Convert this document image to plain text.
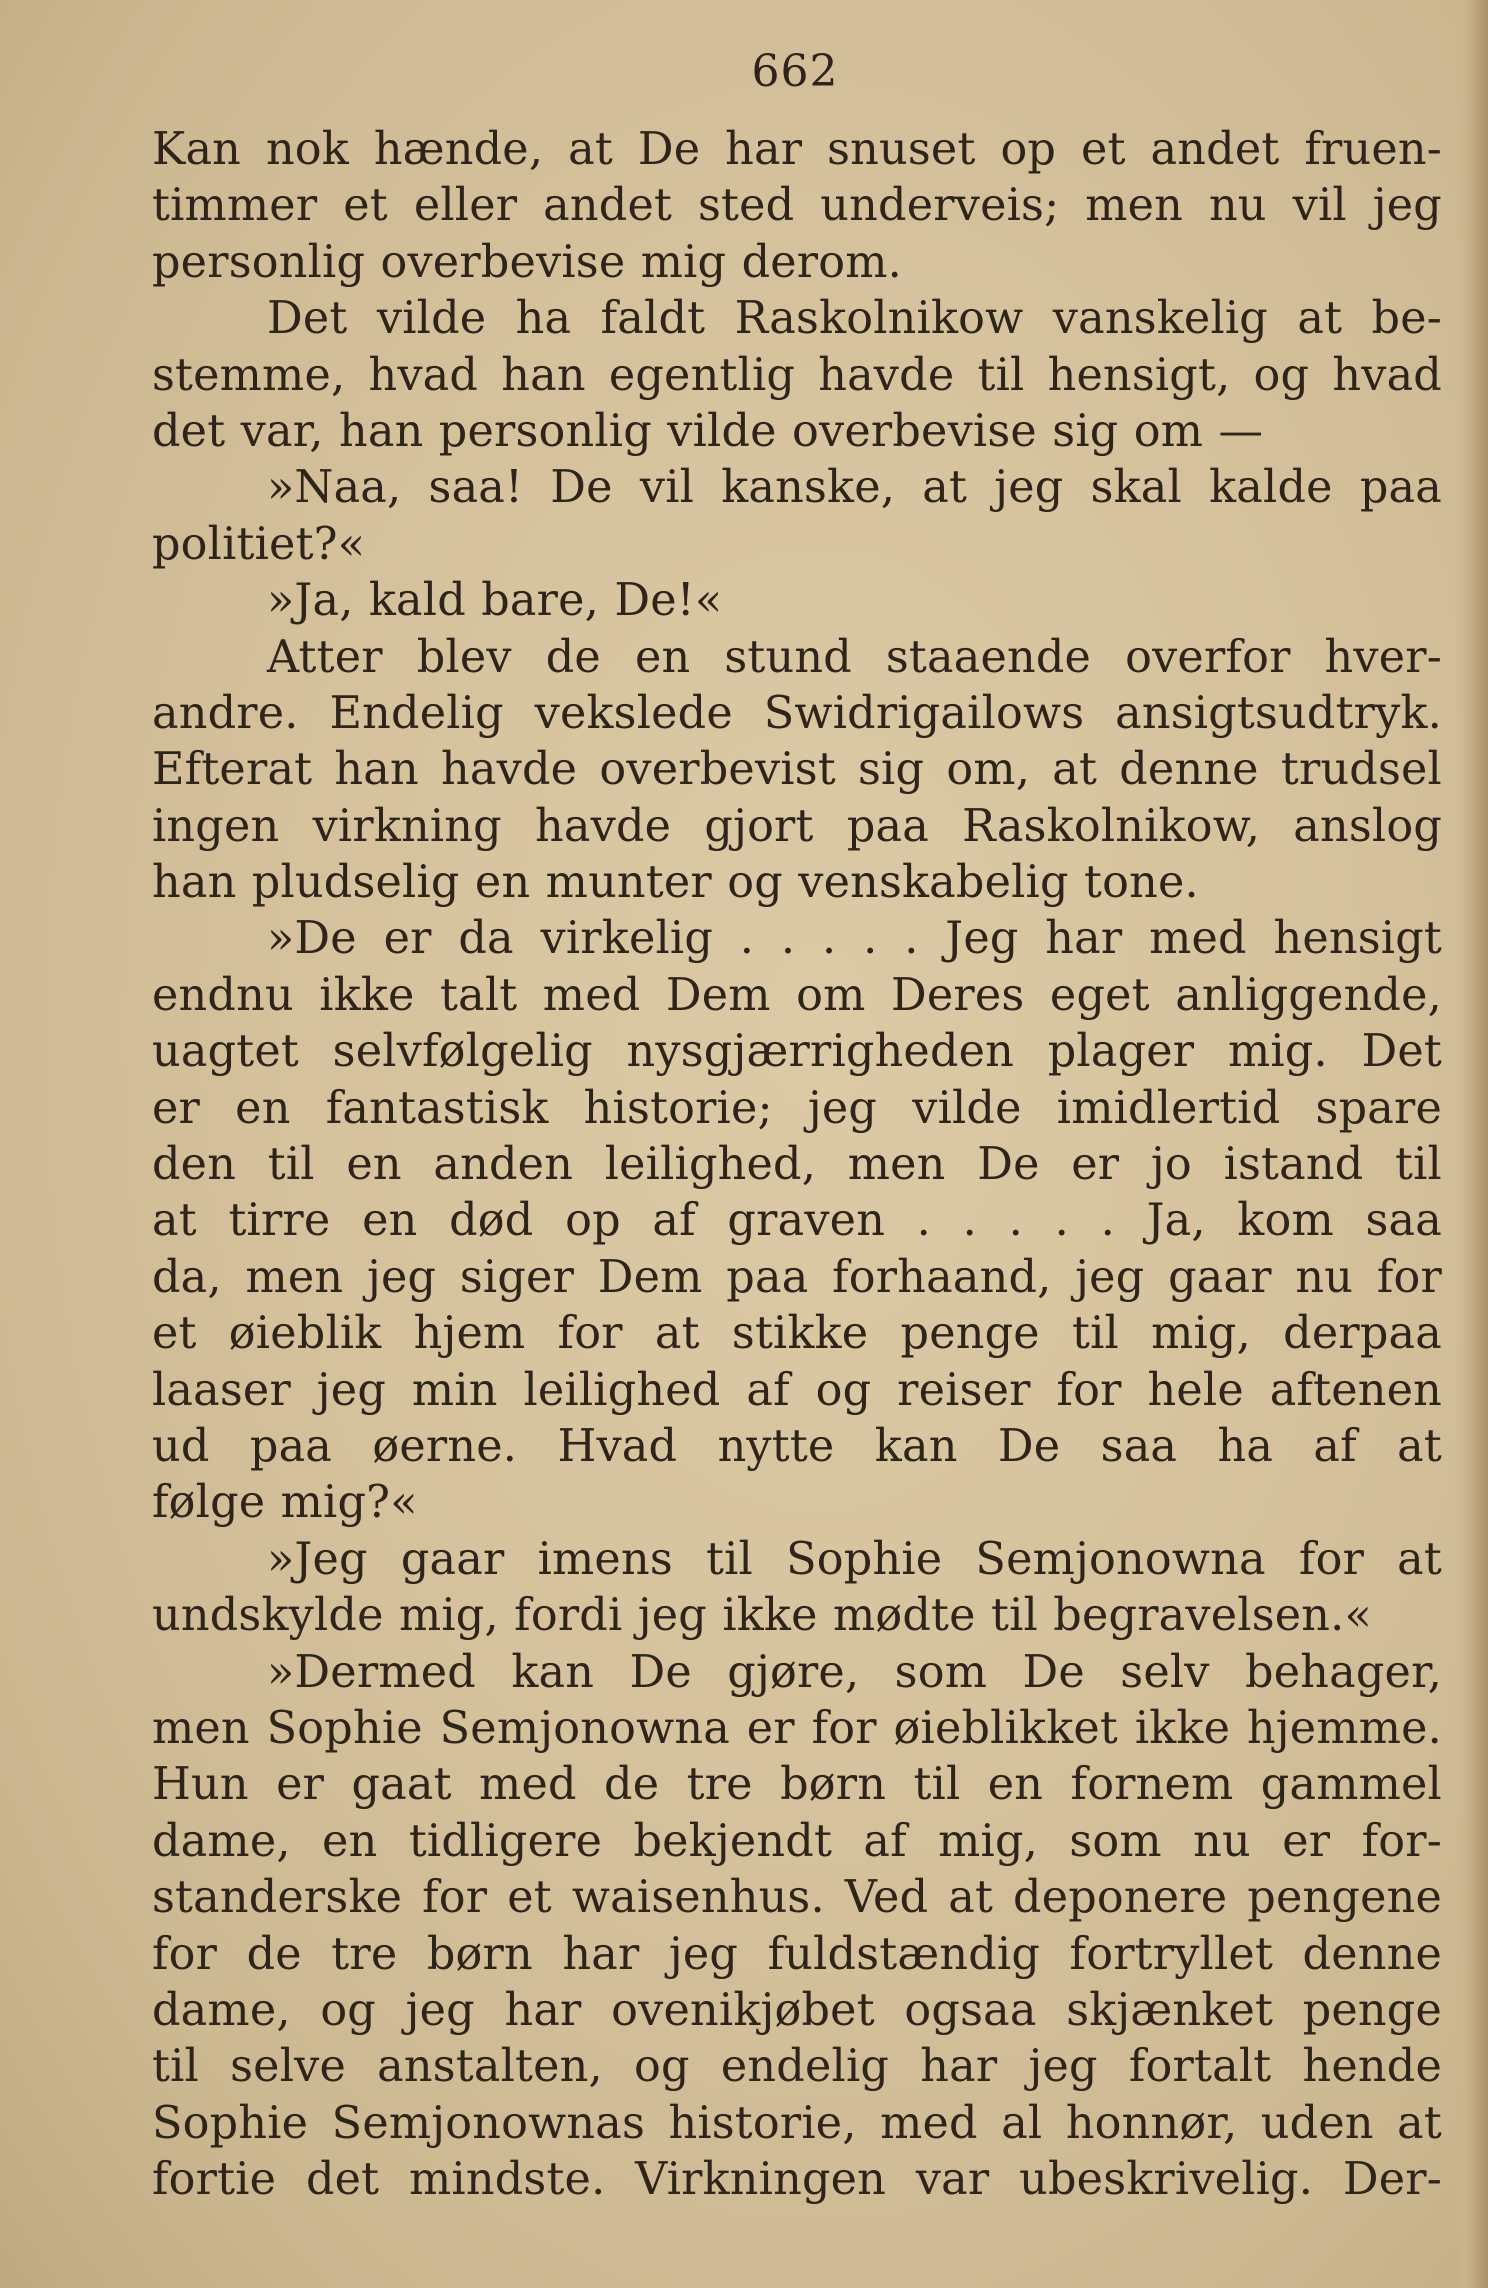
662
Kan nok hænde, at De har snuset op et andet fruen-
timmer et eller andet sted underveis; men nu vil jeg
personlig overbevise mig derom.
Det vilde ha faldt Raskolnikow vanskelig at be-
stemme, hvad han egentlig havde til hensigt, og hvad
det var, han personlig vilde overbevise sig om —
»Naa, saa! De vil kanske, at jeg skal kalde paa
politiet?«
»Ja, kald bare, De!«
Atter blev de en stund staaende overfor hver-
andre. Endelig vekslede Swidrigailows ansigtsudtryk.
Efterat han havde overbevist sig om, at denne trudsel
ingen virkning havde gjort paa Raskolnikow, anslog
han pludselig en munter og venskabelig tone.
»De er da virkelig . . . . . Jeg har med hensigt
endnu ikke talt med Dem om Deres eget anliggende,
uagtet selvfølgelig nysgjærrigheden plager mig. Det
er en fantastisk historie; jeg vilde imidlertid spare
den til en anden leilighed, men De er jo istand til
at tirre en død op af graven . . . . . Ja, kom saa
da, men jeg siger Dem paa forhaand, jeg gaar nu for
et øieblik hjem for at stikke penge til mig, derpaa
laaser jeg min leilighed af og reiser for hele aftenen
ud paa øerne. Hvad nytte kan De saa ha af at
følge mig?«
»Jeg gaar imens til Sophie Semjonowna for at
undskylde mig, fordi jeg ikke mødte til begravelsen.«
»Dermed kan De gjøre, som De selv behager,
men Sophie Semjonowna er for øieblikket ikke hjemme.
Hun er gaat med de tre børn til en fornem gammel
dame, en tidligere bekjendt af mig, som nu er for-
standerske for et waisenhus. Ved at deponere pengene
for de tre børn har jeg fuldstændig fortryllet denne
dame, og jeg har ovenikjøbet ogsaa skjænket penge
til selve anstalten, og endelig har jeg fortalt hende
Sophie Semjonownas historie, med al honnør, uden at
fortie det mindste. Virkningen var ubeskrivelig. Der-
